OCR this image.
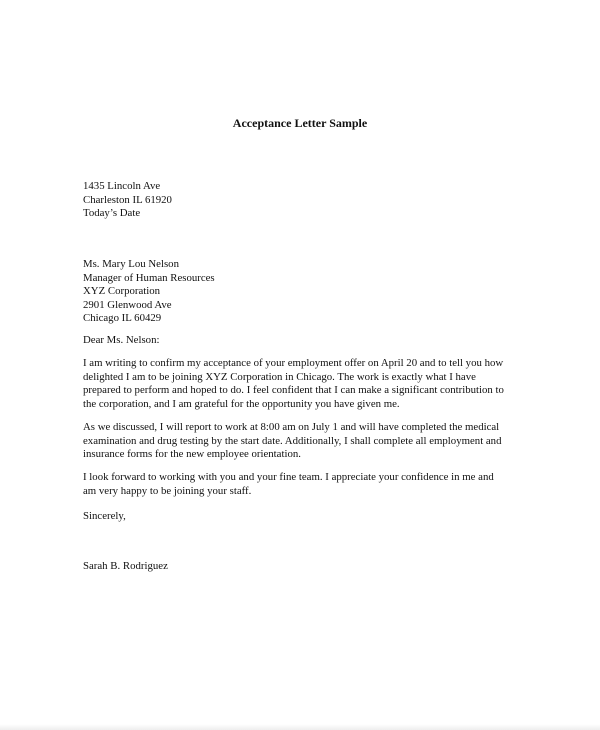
Acceptance Letter Sample
1435 Lincoln Ave
Charleston IL 61920
Today’s Date
Ms. Mary Lou Nelson
Manager of Human Resources
XYZ Corporation
2901 Glenwood Ave
Chicago IL 60429
Dear Ms. Nelson:
I am writing to confirm my acceptance of your employment offer on April 20 and to tell you how
delighted I am to be joining XYZ Corporation in Chicago. The work is exactly what I have
prepared to perform and hoped to do. I feel confident that I can make a significant contribution to
the corporation, and I am grateful for the opportunity you have given me.
As we discussed, I will report to work at 8:00 am on July 1 and will have completed the medical
examination and drug testing by the start date. Additionally, I shall complete all employment and
insurance forms for the new employee orientation.
I look forward to working with you and your fine team. I appreciate your confidence in me and
am very happy to be joining your staff.
Sincerely,
Sarah B. Rodriguez
